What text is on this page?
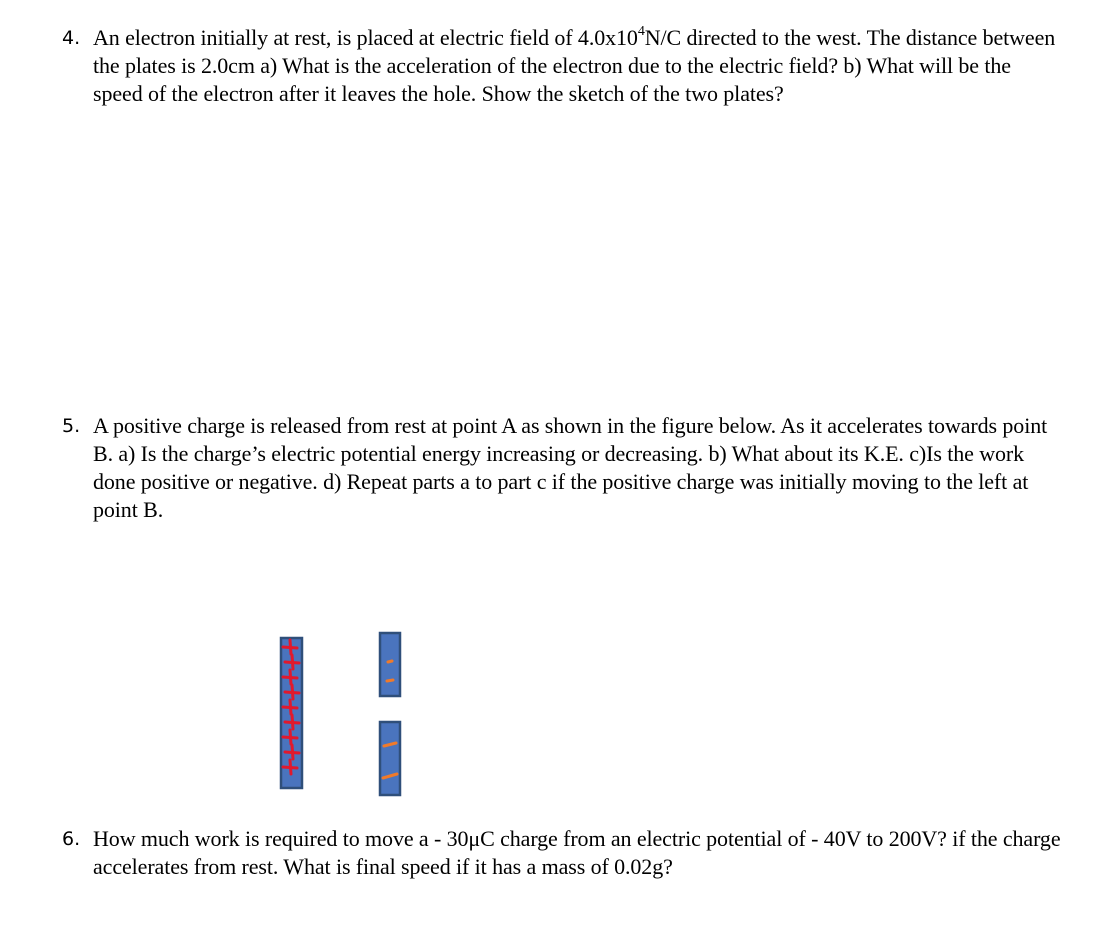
4. An electron initially at rest, is placed at electric field of $4.0x10^4N/C$ directed to the west. The distance between the plates is 2.0cm a) What is the acceleration of the electron due to the electric field? b) What will be the speed of the electron after it leaves the hole. Show the sketch of the two plates?
5. A positive charge is released from rest at point A as shown in the figure below. As it accelerates towards point B. a) Is the charge’s electric potential energy increasing or decreasing. b) What about its K.E. c)Is the work done positive or negative. d) Repeat parts a to part c if the positive charge was initially moving to the left at point B.
6. How much work is required to move a - 30μC charge from an electric potential of - 40V to 200V? if the charge accelerates from rest. What is final speed if it has a mass of 0.02g?
